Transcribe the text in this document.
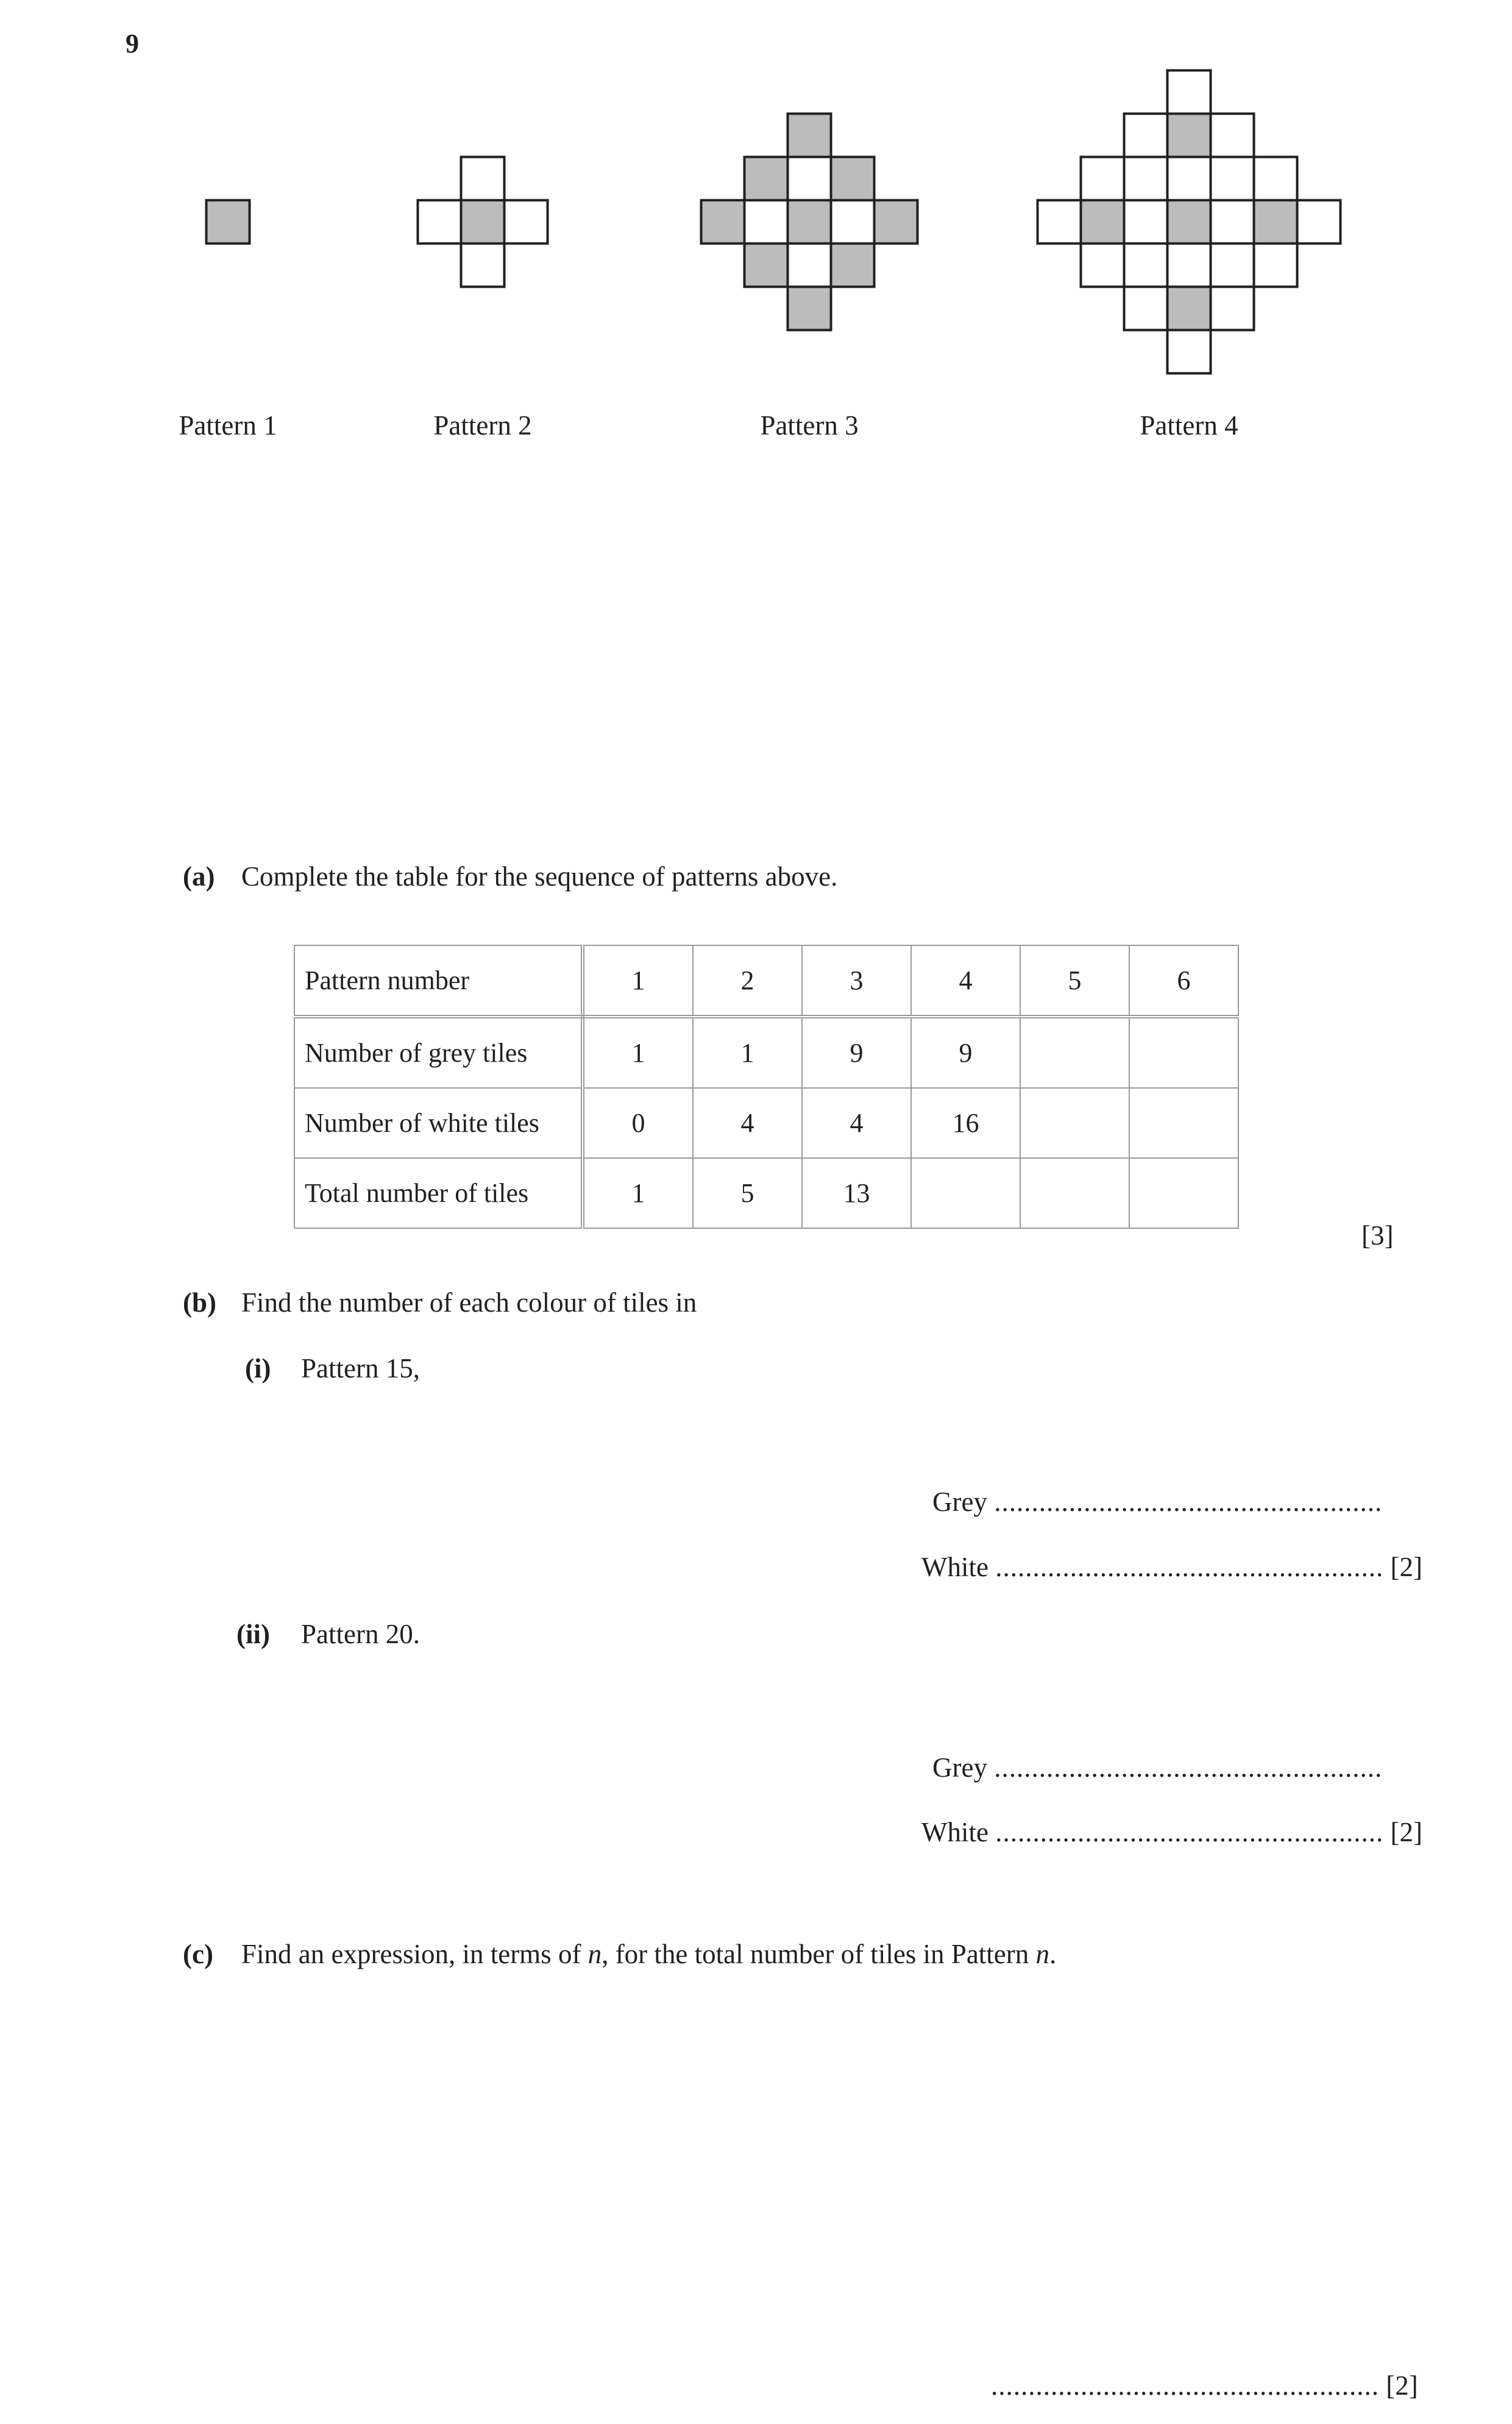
9
Pattern 1	Pattern 2	Pattern 3	Pattern 4
(a) Complete the table for the sequence of patterns above.
Pattern number	1	2	3	4	5	6
Number of grey tiles	1	1	9	9		
Number of white tiles	0	4	4	16		
Total number of tiles	1	5	13			
[3]
(b) Find the number of each colour of tiles in
(i) Pattern 15,
Grey ....................................................
White .................................................... [2]
(ii) Pattern 20.
Grey ....................................................
White .................................................... [2]
(c) Find an expression, in terms of n, for the total number of tiles in Pattern n.
.................................................... [2]
